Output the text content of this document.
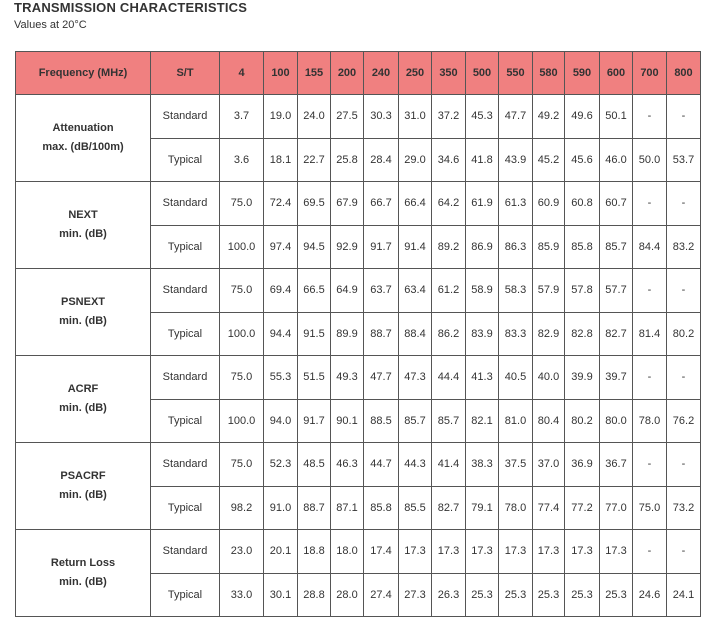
TRANSMISSION CHARACTERISTICS
Values at 20°C
Frequency (MHz)	S/T	4	100	155	200	240	250	350	500	550	580	590	600	700	800

Attenuation
max. (dB/100m)	Standard	3.7	19.0	24.0	27.5	30.3	31.0	37.2	45.3	47.7	49.2	49.6	50.1	-	-
	Typical	3.6	18.1	22.7	25.8	28.4	29.0	34.6	41.8	43.9	45.2	45.6	46.0	50.0	53.7

NEXT
min. (dB)	Standard	75.0	72.4	69.5	67.9	66.7	66.4	64.2	61.9	61.3	60.9	60.8	60.7	-	-
	Typical	100.0	97.4	94.5	92.9	91.7	91.4	89.2	86.9	86.3	85.9	85.8	85.7	84.4	83.2

PSNEXT
min. (dB)	Standard	75.0	69.4	66.5	64.9	63.7	63.4	61.2	58.9	58.3	57.9	57.8	57.7	-	-
	Typical	100.0	94.4	91.5	89.9	88.7	88.4	86.2	83.9	83.3	82.9	82.8	82.7	81.4	80.2

ACRF
min. (dB)	Standard	75.0	55.3	51.5	49.3	47.7	47.3	44.4	41.3	40.5	40.0	39.9	39.7	-	-
	Typical	100.0	94.0	91.7	90.1	88.5	85.7	85.7	82.1	81.0	80.4	80.2	80.0	78.0	76.2

PSACRF
min. (dB)	Standard	75.0	52.3	48.5	46.3	44.7	44.3	41.4	38.3	37.5	37.0	36.9	36.7	-	-
	Typical	98.2	91.0	88.7	87.1	85.8	85.5	82.7	79.1	78.0	77.4	77.2	77.0	75.0	73.2

Return Loss
min. (dB)	Standard	23.0	20.1	18.8	18.0	17.4	17.3	17.3	17.3	17.3	17.3	17.3	17.3	-	-
	Typical	33.0	30.1	28.8	28.0	27.4	27.3	26.3	25.3	25.3	25.3	25.3	25.3	24.6	24.1
